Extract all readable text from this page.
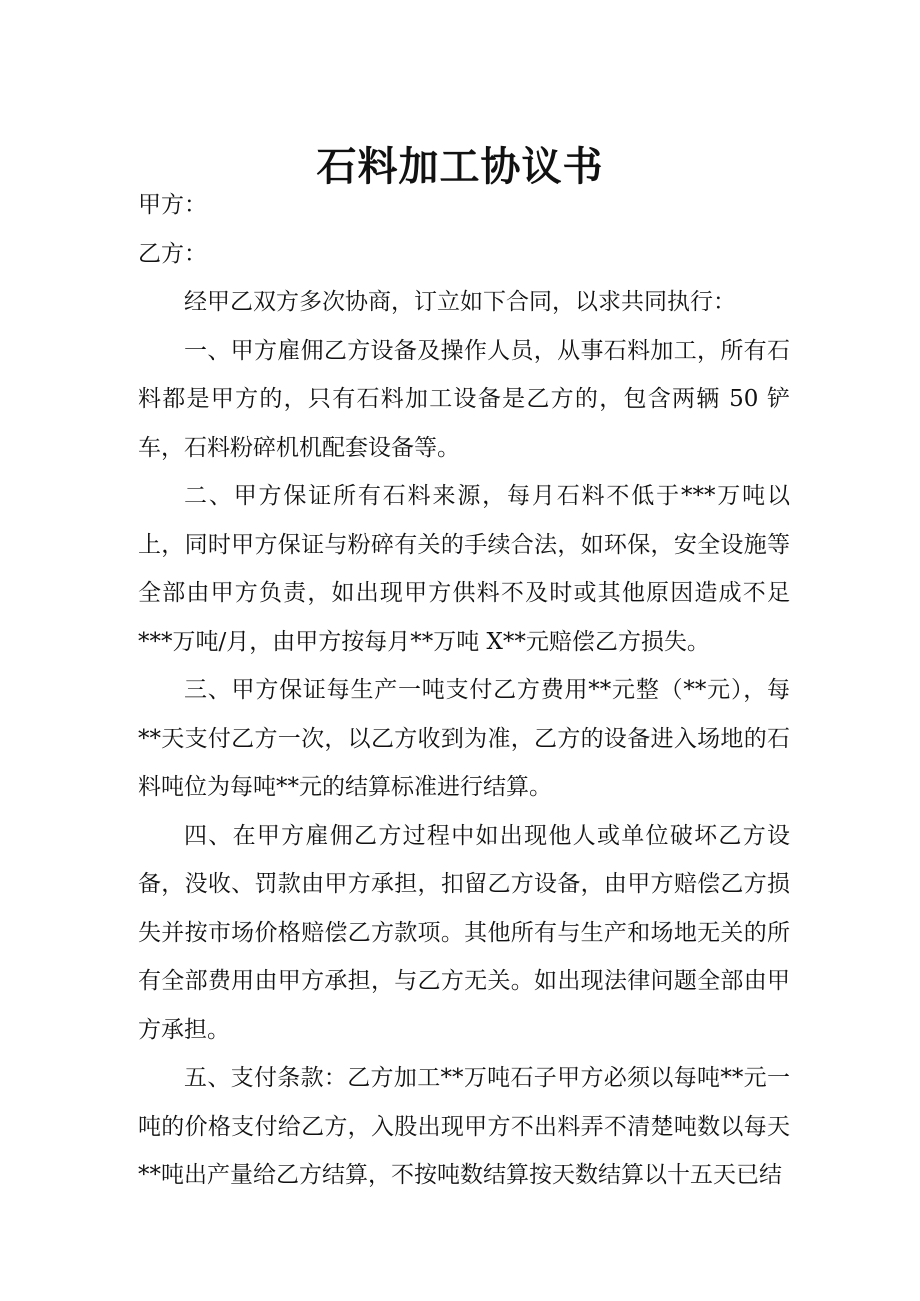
石料加工协议书

甲方：

乙方：

经甲乙双方多次协商，订立如下合同，以求共同执行：

一、甲方雇佣乙方设备及操作人员，从事石料加工，所有石料都是甲方的，只有石料加工设备是乙方的，包含两辆 50 铲车，石料粉碎机机配套设备等。

二、甲方保证所有石料来源，每月石料不低于***万吨以上，同时甲方保证与粉碎有关的手续合法，如环保，安全设施等全部由甲方负责，如出现甲方供料不及时或其他原因造成不足***万吨/月，由甲方按每月**万吨 X**元赔偿乙方损失。

三、甲方保证每生产一吨支付乙方费用**元整（**元），每**天支付乙方一次，以乙方收到为准，乙方的设备进入场地的石料吨位为每吨**元的结算标准进行结算。

四、在甲方雇佣乙方过程中如出现他人或单位破坏乙方设备，没收、罚款由甲方承担，扣留乙方设备，由甲方赔偿乙方损失并按市场价格赔偿乙方款项。其他所有与生产和场地无关的所有全部费用由甲方承担，与乙方无关。如出现法律问题全部由甲方承担。

五、支付条款：乙方加工**万吨石子甲方必须以每吨**元一吨的价格支付给乙方，入股出现甲方不出料弄不清楚吨数以每天**吨出产量给乙方结算，不按吨数结算按天数结算以十五天已结
